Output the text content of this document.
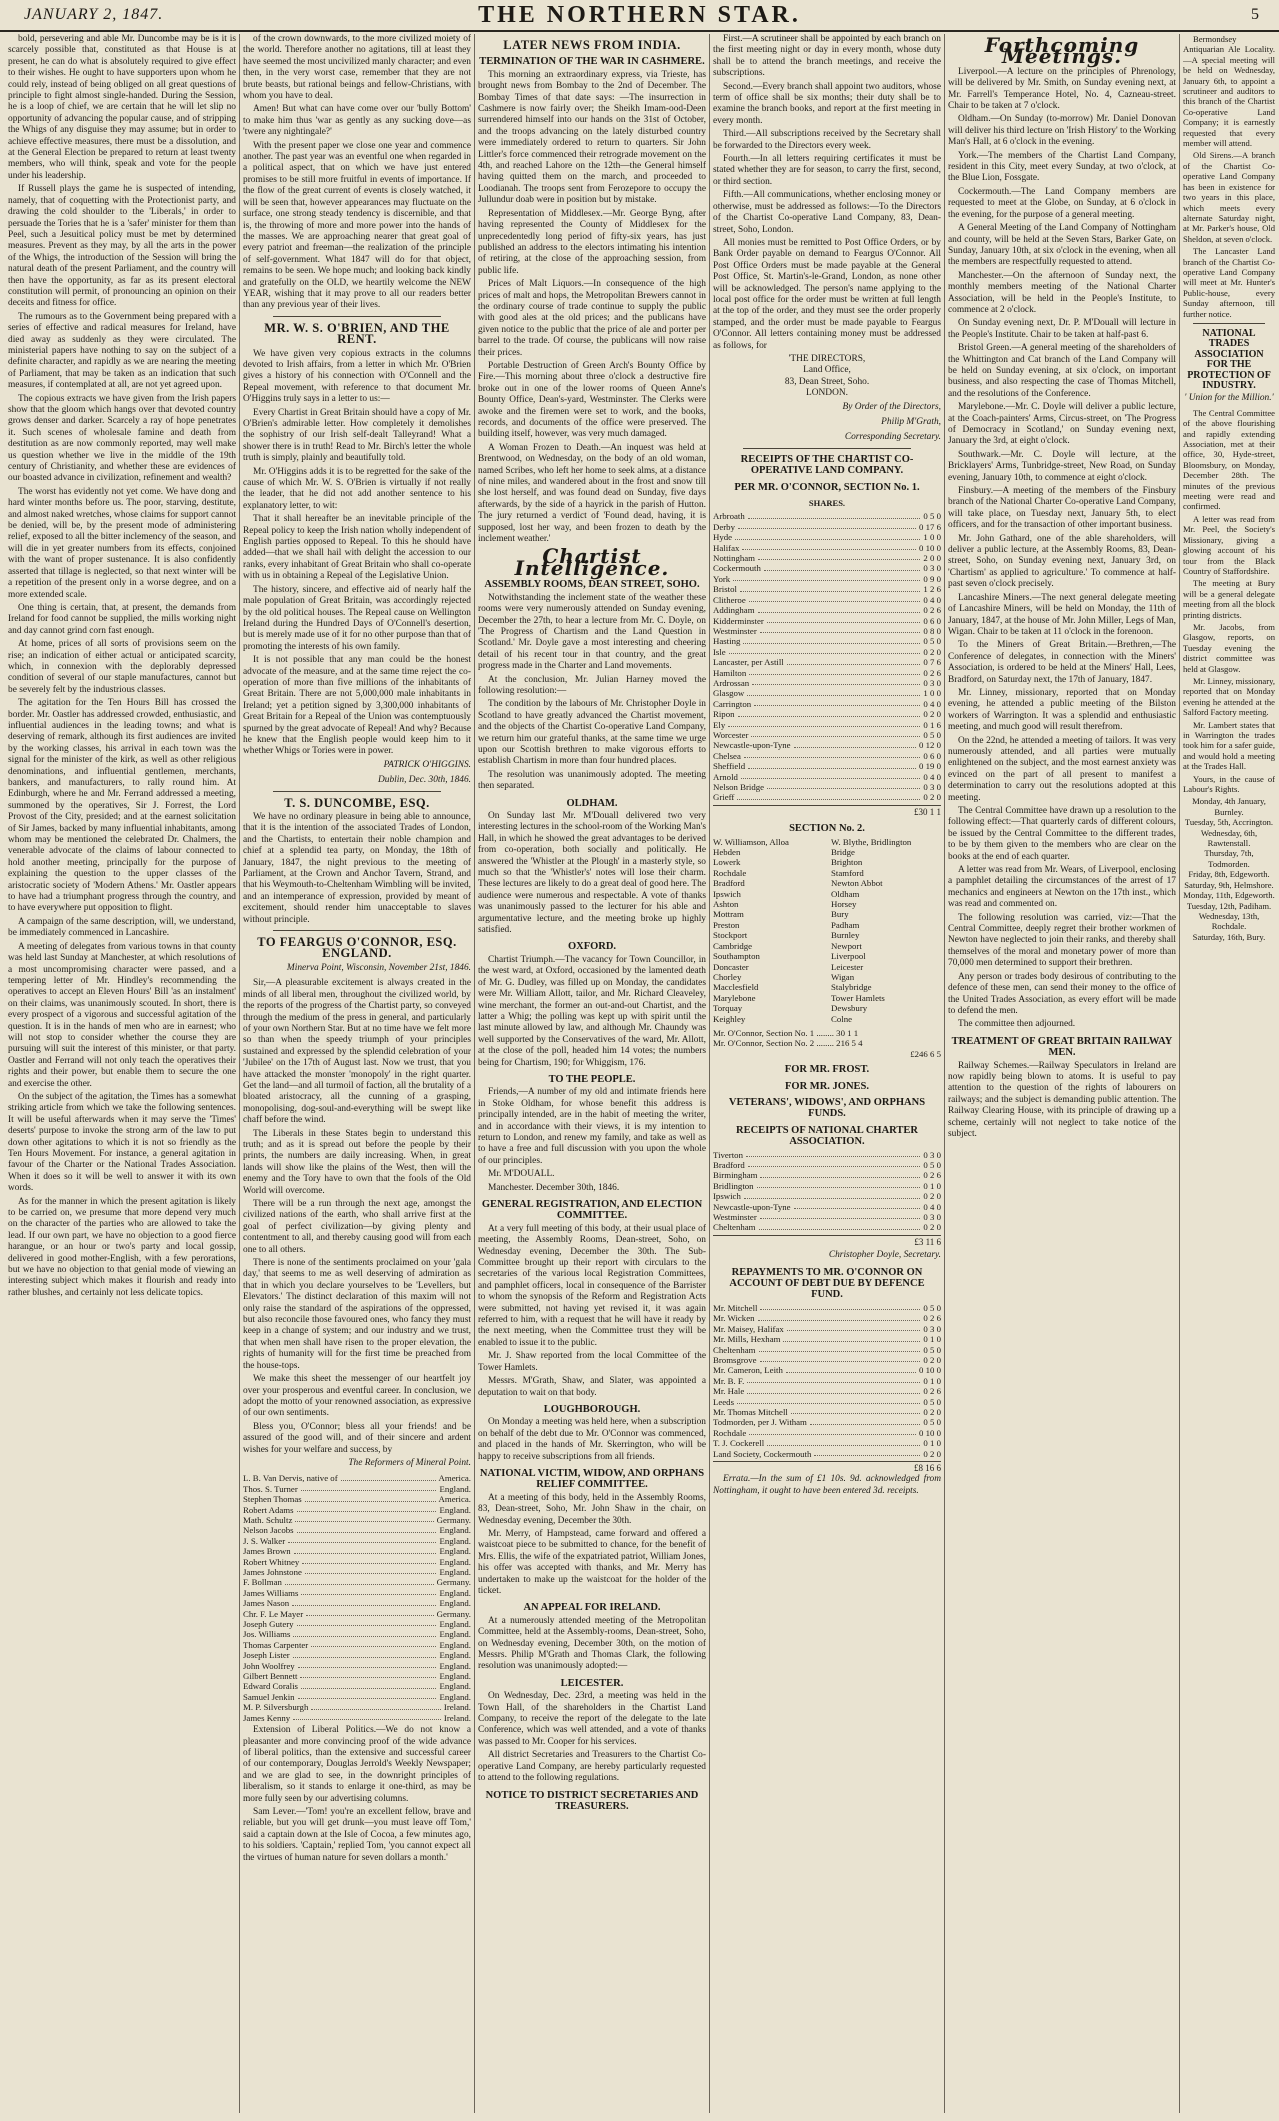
JANUARY 2, 1847.	THE NORTHERN STAR.	5

bold, persevering and able Mr. Duncombe may be is it is scarcely possible that, constituted as that House is at present, he can do what is absolutely required to give effect to their wishes. He ought to have supporters upon whom he could rely, instead of being obliged on all great questions of principle to fight almost single-handed. During the Session, he is a loop of chief, we are certain that he will let slip no opportunity of advancing the popular cause, and of stripping the Whigs of any disguise they may assume; but in order to achieve effective measures, there must be a dissolution, and at the General Election be prepared to return at least twenty members, who will think, speak and vote for the people under his leadership.

If Russell plays the game he is suspected of intending, namely, that of coquetting with the Protectionist party, and drawing the cold shoulder to the 'Liberals,' in order to persuade the Tories that he is a 'safer' minister for them than Peel, such a Jesuitical policy must be met by determined measures. Prevent as they may, by all the arts in the power of the Whigs, the introduction of the Session will bring the natural death of the present Parliament, and the country will then have the opportunity, as far as its present electoral constitution will permit, of pronouncing an opinion on their deceits and fitness for office.

The rumours as to the Government being prepared with a series of effective and radical measures for Ireland, have died away as suddenly as they were circulated. The ministerial papers have nothing to say on the subject of a definite character, and rapidly as we are nearing the meeting of Parliament, that may be taken as an indication that such measures, if contemplated at all, are not yet agreed upon.

The copious extracts we have given from the Irish papers show that the gloom which hangs over that devoted country grows denser and darker. Scarcely a ray of hope penetrates it. Such scenes of wholesale famine and death from destitution as are now commonly reported, may well make us question whether we live in the middle of the 19th century of Christianity, and whether these are evidences of our boasted advance in civilization, refinement and wealth?

The worst has evidently not yet come. We have dong and hard winter months before us. The poor, starving, destitute, and almost naked wretches, whose claims for support cannot be denied, will be, by the present mode of administering relief, exposed to all the bitter inclemency of the season, and will die in yet greater numbers from its effects, conjoined with the want of proper sustenance. It is also confidently asserted that tillage is neglected, so that next winter will be a repetition of the present only in a worse degree, and on a more extended scale.

One thing is certain, that, at present, the demands from Ireland for food cannot be supplied, the mills working night and day cannot grind corn fast enough.

At home, prices of all sorts of provisions seem on the rise; an indication of either actual or anticipated scarcity, which, in connexion with the deplorably depressed condition of several of our staple manufactures, cannot but be severely felt by the industrious classes.

The agitation for the Ten Hours Bill has crossed the border. Mr. Oastler has addressed crowded, enthusiastic, and influential audiences in the leading towns; and what is deserving of remark, although its first audiences are invited by the working classes, his arrival in each town was the signal for the minister of the kirk, as well as other religious denominations, and influential gentlemen, merchants, bankers, and manufacturers, to rally round him. At Edinburgh, where he and Mr. Ferrand addressed a meeting, summoned by the operatives, Sir J. Forrest, the Lord Provost of the City, presided; and at the earnest solicitation of Sir James, backed by many influential inhabitants, among whom may be mentioned the celebrated Dr. Chalmers, the venerable advocate of the claims of labour connected to hold another meeting, principally for the purpose of explaining the question to the upper classes of the aristocratic society of 'Modern Athens.' Mr. Oastler appears to have had a triumphant progress through the country, and to have everywhere put opposition to flight.

A campaign of the same description, will, we understand, be immediately commenced in Lancashire.

A meeting of delegates from various towns in that county was held last Sunday at Manchester, at which resolutions of a most uncompromising character were passed, and a tempering letter of Mr. Hindley's recommending the operatives to accept an Eleven Hours' Bill 'as an instalment' on their claims, was unanimously scouted. In short, there is every prospect of a vigorous and successful agitation of the question. It is in the hands of men who are in earnest; who will not stop to consider whether the course they are pursuing will suit the interest of this minister, or that party. Oastler and Ferrand will not only teach the operatives their rights and their power, but enable them to secure the one and exercise the other.

On the subject of the agitation, the Times has a somewhat striking article from which we take the following sentences. It will be useful afterwards when it may serve the 'Times' deserts' purpose to invoke the strong arm of the law to put down other agitations to which it is not so friendly as the Ten Hours Movement. For instance, a general agitation in favour of the Charter or the National Trades Association. When it does so it will be well to answer it with its own words.

As for the manner in which the present agitation is likely to be carried on, we presume that more depend very much on the character of the parties who are allowed to take the lead. If our own part, we have no objection to a good fierce harangue, or an hour or two's party and local gossip, delivered in good mother-English, with a few perorations, but we have no objection to that genial mode of viewing an interesting subject which makes it flourish and ready into rather blushes, and certainly not less delicate topics.

of the crown downwards, to the more civilized moiety of the world. Therefore another no agitations, till at least they have seemed the most uncivilized manly character; and even then, in the very worst case, remember that they are not brute beasts, but rational beings and fellow-Christians, with whom you have to deal.

Amen! But what can have come over our 'bully Bottom' to make him thus 'war as gently as any sucking dove—as 'twere any nightingale?'

With the present paper we close one year and commence another. The past year was an eventful one when regarded in a political aspect, that on which we have just entered promises to be still more fruitful in events of importance. If the flow of the great current of events is closely watched, it will be seen that, however appearances may fluctuate on the surface, one strong steady tendency is discernible, and that is, the throwing of more and more power into the hands of the masses. We are approaching nearer that great goal of every patriot and freeman—the realization of the principle of self-government. What 1847 will do for that object, remains to be seen. We hope much; and looking back kindly and gratefully on the OLD, we heartily welcome the NEW YEAR, wishing that it may prove to all our readers better than any previous year of their lives.

MR. W. S. O'BRIEN, AND THE RENT.

We have given very copious extracts in the columns devoted to Irish affairs, from a letter in which Mr. O'Brien gives a history of his connection with O'Connell and the Repeal movement, with reference to that document Mr. O'Higgins truly says in a letter to us:—

Every Chartist in Great Britain should have a copy of Mr. O'Brien's admirable letter. How completely it demolishes the sophistry of our Irish self-dealt Talleyrand! What a shower there is in truth! Read to Mr. Birch's letter the whole truth is simply, plainly and beautifully told.

Mr. O'Higgins adds it is to be regretted for the sake of the cause of which Mr. W. S. O'Brien is virtually if not really the leader, that he did not add another sentence to his explanatory letter, to wit:

That it shall hereafter be an inevitable principle of the Repeal policy to keep the Irish nation wholly independent of English parties opposed to Repeal. To this he should have added—that we shall hail with delight the accession to our ranks, every inhabitant of Great Britain who shall co-operate with us in obtaining a Repeal of the Legislative Union.

The history, sincere, and effective aid of nearly half the male population of Great Britain, was accordingly rejected by the old political houses. The Repeal cause on Wellington Ireland during the Hundred Days of O'Connell's desertion, but is merely made use of it for no other purpose than that of promoting the interests of his own family.

It is not possible that any man could be the honest advocate of the measure, and at the same time reject the co-operation of more than five millions of the inhabitants of Great Britain. There are not 5,000,000 male inhabitants in Ireland; yet a petition signed by 3,300,000 inhabitants of Great Britain for a Repeal of the Union was contemptuously spurned by the great advocate of Repeal! And why? Because he knew that the English people would keep him to it whether Whigs or Tories were in power.

PATRICK O'HIGGINS.
Dublin, Dec. 30th, 1846.
T. S. DUNCOMBE, ESQ.

We have no ordinary pleasure in being able to announce, that it is the intention of the associated Trades of London, and the Chartists, to entertain their noble champion and chief at a splendid tea party, on Monday, the 18th of January, 1847, the night previous to the meeting of Parliament, at the Crown and Anchor Tavern, Strand, and that his Weymouth-to-Cheltenham Wimbling will be invited, and an intemperance of expression, provided by meant of excitement, should render him unacceptable to slaves without principle.

TO FEARGUS O'CONNOR, ESQ. ENGLAND.
Minerva Point, Wisconsin, November 21st, 1846.

Sir,—A pleasurable excitement is always created in the minds of all liberal men, throughout the civilized world, by the reports of the progress of the Chartist party, so conveyed through the medium of the press in general, and particularly of your own Northern Star. But at no time have we felt more so than when the speedy triumph of your principles sustained and expressed by the splendid celebration of your 'Jubilee' on the 17th of August last. Now we trust, that you have attacked the monster 'monopoly' in the right quarter. Get the land—and all turmoil of faction, all the brutality of a bloated aristocracy, all the cunning of a grasping, monopolising, dog-soul-and-everything will be swept like chaff before the wind.

The Liberals in these States begin to understand this truth; and as it is spread out before the people by their prints, the numbers are daily increasing. When, in great lands will show like the plains of the West, then will the enemy and the Tory have to own that the fools of the Old World will overcome.

There will be a run through the next age, amongst the civilized nations of the earth, who shall arrive first at the goal of perfect civilization—by giving plenty and contentment to all, and thereby causing good will from each one to all others.

There is none of the sentiments proclaimed on your 'gala day,' that seems to me as well deserving of admiration as that in which you declare yourselves to be 'Levellers, but Elevators.' The distinct declaration of this maxim will not only raise the standard of the aspirations of the oppressed, but also reconcile those favoured ones, who fancy they must keep in a change of system; and our industry and we trust, that when men shall have risen to the proper elevation, the rights of humanity will for the first time be preached from the house-tops.

We make this sheet the messenger of our heartfelt joy over your prosperous and eventful career. In conclusion, we adopt the motto of your renowned association, as expressive of our own sentiments.

Bless you, O'Connor; bless all your friends! and be assured of the good will, and of their sincere and ardent wishes for your welfare and success, by

The Reformers of Mineral Point.
L. B. Van Dervis, native of	America.
Thos. S. Turner	England.
Stephen Thomas	America.
Robert Adams	England.
Math. Schultz	Germany.
Nelson Jacobs	England.
J. S. Walker	England.
James Brown	England.
Robert Whitney	England.
James Johnstone	England.
F. Bollman	Germany.
James Williams	England.
James Nason	England.
Chr. F. Le Mayer	Germany.
Joseph Gutery	England.
Jos. Williams	England.
Thomas Carpenter	England.
Joseph Lister	England.
John Woolfrey	England.
Gilbert Bennett	England.
Edward Coralis	England.
Samuel Jenkin	England.
M. P. Silversburgh	Ireland.
James Kenny	Ireland.

Extension of Liberal Politics.—We do not know a pleasanter and more convincing proof of the wide advance of liberal politics, than the extensive and successful career of our contemporary, Douglas Jerrold's Weekly Newspaper; and we are glad to see, in the downright principles of liberalism, so it stands to enlarge it one-third, as may be more fully seen by our advertising columns.

Sam Lever.—'Tom! you're an excellent fellow, brave and reliable, but you will get drunk—you must leave off Tom,' said a captain down at the Isle of Cocoa, a few minutes ago, to his soldiers. 'Captain,' replied Tom, 'you cannot expect all the virtues of human nature for seven dollars a month.'

LATER NEWS FROM INDIA.
TERMINATION OF THE WAR IN CASHMERE.

This morning an extraordinary express, via Trieste, has brought news from Bombay to the 2nd of December. The Bombay Times of that date says: —The insurrection in Cashmere is now fairly over; the Sheikh Imam-ood-Deen surrendered himself into our hands on the 31st of October, and the troops advancing on the lately disturbed country were immediately ordered to return to quarters. Sir John Littler's force commenced their retrograde movement on the 4th, and reached Lahore on the 12th—the General himself having quitted them on the march, and proceeded to Loodianah. The troops sent from Ferozepore to occupy the Jullundur doab were in position but by mistake.

Representation of Middlesex.—Mr. George Byng, after having represented the County of Middlesex for the unprecedentedly long period of fifty-six years, has just published an address to the electors intimating his intention of retiring, at the close of the approaching session, from public life.

Prices of Malt Liquors.—In consequence of the high prices of malt and hops, the Metropolitan Brewers cannot in the ordinary course of trade continue to supply the public with good ales at the old prices; and the publicans have given notice to the public that the price of ale and porter per barrel to the trade. Of course, the publicans will now raise their prices.

Portable Destruction of Green Arch's Bounty Office by Fire.—This morning about three o'clock a destructive fire broke out in one of the lower rooms of Queen Anne's Bounty Office, Dean's-yard, Westminster. The Clerks were awoke and the firemen were set to work, and the books, records, and documents of the office were preserved. The building itself, however, was very much damaged.

A Woman Frozen to Death.—An inquest was held at Brentwood, on Wednesday, on the body of an old woman, named Scribes, who left her home to seek alms, at a distance of nine miles, and wandered about in the frost and snow till she lost herself, and was found dead on Sunday, five days afterwards, by the side of a hayrick in the parish of Hutton. The jury returned a verdict of 'Found dead, having, it is supposed, lost her way, and been frozen to death by the inclement weather.'

Chartist Intelligence.
ASSEMBLY ROOMS, DEAN STREET, SOHO.

Notwithstanding the inclement state of the weather these rooms were very numerously attended on Sunday evening, December the 27th, to hear a lecture from Mr. C. Doyle, on 'The Progress of Chartism and the Land Question in Scotland.' Mr. Doyle gave a most interesting and cheering detail of his recent tour in that country, and the great progress made in the Charter and Land movements.

At the conclusion, Mr. Julian Harney moved the following resolution:—

The condition by the labours of Mr. Christopher Doyle in Scotland to have greatly advanced the Chartist movement, and the objects of the Chartist Co-operative Land Company, we return him our grateful thanks, at the same time we urge upon our Scottish brethren to make vigorous efforts to establish Chartism in more than four hundred places.

The resolution was unanimously adopted. The meeting then separated.

OLDHAM.

On Sunday last Mr. M'Douall delivered two very interesting lectures in the school-room of the Working Man's Hall, in which he showed the great advantages to be derived from co-operation, both socially and politically. He answered the 'Whistler at the Plough' in a masterly style, so much so that the 'Whistler's' notes will lose their charm. These lectures are likely to do a great deal of good here. The audience were numerous and respectable. A vote of thanks was unanimously passed to the lecturer for his able and argumentative lecture, and the meeting broke up highly satisfied.

OXFORD.

Chartist Triumph.—The vacancy for Town Councillor, in the west ward, at Oxford, occasioned by the lamented death of Mr. G. Dudley, was filled up on Monday, the candidates were Mr. William Allott, tailor, and Mr. Richard Cleaveley, wine merchant, the former an out-and-out Chartist, and the latter a Whig; the polling was kept up with spirit until the last minute allowed by law, and although Mr. Chaundy was well supported by the Conservatives of the ward, Mr. Allott, at the close of the poll, headed him 14 votes; the numbers being for Chartism, 190; for Whiggism, 176.

TO THE PEOPLE.

Friends,—A number of my old and intimate friends here in Stoke Oldham, for whose benefit this address is principally intended, are in the habit of meeting the writer, and in accordance with their views, it is my intention to return to London, and renew my family, and take as well as to have a free and full discussion with you upon the whole of our principles.

Mr. M'DOUALL.

Manchester. December 30th, 1846.

GENERAL REGISTRATION, AND ELECTION COMMITTEE.

At a very full meeting of this body, at their usual place of meeting, the Assembly Rooms, Dean-street, Soho, on Wednesday evening, December the 30th. The Sub-Committee brought up their report with circulars to the secretaries of the various local Registration Committees, and pamphlet officers, local in consequence of the Barrister to whom the synopsis of the Reform and Registration Acts were submitted, not having yet revised it, it was again referred to him, with a request that he will have it ready by the next meeting, when the Committee trust they will be enabled to issue it to the public.

Mr. J. Shaw reported from the local Committee of the Tower Hamlets.

Messrs. M'Grath, Shaw, and Slater, was appointed a deputation to wait on that body.

LOUGHBOROUGH.

On Monday a meeting was held here, when a subscription on behalf of the debt due to Mr. O'Connor was commenced, and placed in the hands of Mr. Skerrington, who will be happy to receive subscriptions from all friends.

NATIONAL VICTIM, WIDOW, AND ORPHANS RELIEF COMMITTEE.

At a meeting of this body, held in the Assembly Rooms, 83, Dean-street, Soho, Mr. John Shaw in the chair, on Wednesday evening, December the 30th.

Mr. Merry, of Hampstead, came forward and offered a waistcoat piece to be submitted to chance, for the benefit of Mrs. Ellis, the wife of the expatriated patriot, William Jones, his offer was accepted with thanks, and Mr. Merry has undertaken to make up the waistcoat for the holder of the ticket.

AN APPEAL FOR IRELAND.

At a numerously attended meeting of the Metropolitan Committee, held at the Assembly-rooms, Dean-street, Soho, on Wednesday evening, December 30th, on the motion of Messrs. Philip M'Grath and Thomas Clark, the following resolution was unanimously adopted:—

LEICESTER.

On Wednesday, Dec. 23rd, a meeting was held in the Town Hall, of the shareholders in the Chartist Land Company, to receive the report of the delegate to the late Conference, which was well attended, and a vote of thanks was passed to Mr. Cooper for his services.

All district Secretaries and Treasurers to the Chartist Co-operative Land Company, are hereby particularly requested to attend to the following regulations.

NOTICE TO DISTRICT SECRETARIES AND TREASURERS.

First.—A scrutineer shall be appointed by each branch on the first meeting night or day in every month, whose duty shall be to attend the branch meetings, and receive the subscriptions.

Second.—Every branch shall appoint two auditors, whose term of office shall be six months; their duty shall be to examine the branch books, and report at the first meeting in every month.

Third.—All subscriptions received by the Secretary shall be forwarded to the Directors every week.

Fourth.—In all letters requiring certificates it must be stated whether they are for season, to carry the first, second, or third section.

Fifth.—All communications, whether enclosing money or otherwise, must be addressed as follows:—To the Directors of the Chartist Co-operative Land Company, 83, Dean-street, Soho, London.

All monies must be remitted to Post Office Orders, or by Bank Order payable on demand to Feargus O'Connor. All Post Office Orders must be made payable at the General Post Office, St. Martin's-le-Grand, London, as none other will be acknowledged. The person's name applying to the local post office for the order must be written at full length at the top of the order, and they must see the order properly stamped, and the order must be made payable to Feargus O'Connor. All letters containing money must be addressed as follows, for

'THE DIRECTORS,
Land Office,
83, Dean Street, Soho.
LONDON.
By Order of the Directors,
Philip M'Grath,
Corresponding Secretary.
RECEIPTS OF THE CHARTIST CO-OPERATIVE LAND COMPANY.
PER MR. O'CONNOR, SECTION No. 1.
SHARES.
Arbroath	0 5 0
Derby	0 17 6
Hyde	1 0 0
Halifax	0 10 0
Nottingham	2 0 0
Cockermouth	0 3 0
York	0 9 0
Bristol	1 2 6
Clitheroe	0 4 0
Addingham	0 2 6
Kidderminster	0 6 0
Westminster	0 8 0
Hasting	0 5 0
Isle	0 2 0
Lancaster, per Astill	0 7 6
Hamilton	0 2 6
Ardrossan	0 3 0
Glasgow	1 0 0
Carrington	0 4 0
Ripon	0 2 0
Ely	0 1 6
Worcester	0 5 0
Newcastle-upon-Tyne	0 12 0
Chelsea	0 6 0
Sheffield	0 19 0
Arnold	0 4 0
Nelson Bridge	0 3 0
Grieff	0 2 0
£30 1 1
SECTION No. 2.
W. Williamson, Alloa	W. Blythe, Bridlington
Hebden	Bridge
Lowerk	Brighton
Rochdale	Stamford
Bradford	Newton Abbot
Ipswich	Oldham
Ashton	Horsey
Mottram	Bury
Preston	Padham
Stockport	Burnley
Cambridge	Newport
Southampton	Liverpool
Doncaster	Leicester
Chorley	Wigan
Macclesfield	Stalybridge
Marylebone	Tower Hamlets
Torquay	Dewsbury
Keighley	Colne
Mr. O'Connor, Section No. 1 ........ 30 1 1
Mr. O'Connor, Section No. 2 ........ 216 5 4
£246 6 5
FOR MR. FROST.
FOR MR. JONES.
VETERANS', WIDOWS', AND ORPHANS FUNDS.
RECEIPTS OF NATIONAL CHARTER ASSOCIATION.
Tiverton	0 3 0
Bradford	0 5 0
Birmingham	0 2 6
Bridlington	0 1 0
Ipswich	0 2 0
Newcastle-upon-Tyne	0 4 0
Westminster	0 3 0
Cheltenham	0 2 0
£3 11 6
Christopher Doyle, Secretary.
REPAYMENTS TO MR. O'CONNOR ON ACCOUNT OF DEBT DUE BY DEFENCE FUND.
Mr. Mitchell	0 5 0
Mr. Wicken	0 2 6
Mr. Maisey, Halifax	0 3 0
Mr. Mills, Hexham	0 1 0
Cheltenham	0 5 0
Bromsgrove	0 2 0
Mr. Cameron, Leith	0 10 0
Mr. B. F.	0 1 0
Mr. Hale	0 2 6
Leeds	0 5 0
Mr. Thomas Mitchell	0 2 0
Todmorden, per J. Witham	0 5 0
Rochdale	0 10 0
T. J. Cockerell	0 1 0
Land Society, Cockermouth	0 2 0
£8 16 6

Errata.—In the sum of £1 10s. 9d. acknowledged from Nottingham, it ought to have been entered 3d. receipts.

Forthcoming Meetings.

Liverpool.—A lecture on the principles of Phrenology, will be delivered by Mr. Smith, on Sunday evening next, at Mr. Farrell's Temperance Hotel, No. 4, Cazneau-street. Chair to be taken at 7 o'clock.

Oldham.—On Sunday (to-morrow) Mr. Daniel Donovan will deliver his third lecture on 'Irish History' to the Working Man's Hall, at 6 o'clock in the evening.

York.—The members of the Chartist Land Company, resident in this City, meet every Sunday, at two o'clock, at the Blue Lion, Fossgate.

Cockermouth.—The Land Company members are requested to meet at the Globe, on Sunday, at 6 o'clock in the evening, for the purpose of a general meeting.

A General Meeting of the Land Company of Nottingham and county, will be held at the Seven Stars, Barker Gate, on Sunday, January 10th, at six o'clock in the evening, when all the members are respectfully requested to attend.

Manchester.—On the afternoon of Sunday next, the monthly members meeting of the National Charter Association, will be held in the People's Institute, to commence at 2 o'clock.

On Sunday evening next, Dr. P. M'Douall will lecture in the People's Institute. Chair to be taken at half-past 6.

Bristol Green.—A general meeting of the shareholders of the Whittington and Cat branch of the Land Company will be held on Sunday evening, at six o'clock, on important business, and also respecting the case of Thomas Mitchell, and the resolutions of the Conference.

Marylebone.—Mr. C. Doyle will deliver a public lecture, at the Coach-painters' Arms, Circus-street, on 'The Progress of Democracy in Scotland,' on Sunday evening next, January the 3rd, at eight o'clock.

Southwark.—Mr. C. Doyle will lecture, at the Bricklayers' Arms, Tunbridge-street, New Road, on Sunday evening, January 10th, to commence at eight o'clock.

Finsbury.—A meeting of the members of the Finsbury branch of the National Charter Co-operative Land Company, will take place, on Tuesday next, January 5th, to elect officers, and for the transaction of other important business.

Mr. John Gathard, one of the able shareholders, will deliver a public lecture, at the Assembly Rooms, 83, Dean-street, Soho, on Sunday evening next, January 3rd, on 'Chartism' as applied to agriculture.' To commence at half-past seven o'clock precisely.

Lancashire Miners.—The next general delegate meeting of Lancashire Miners, will be held on Monday, the 11th of January, 1847, at the house of Mr. John Miller, Legs of Man, Wigan. Chair to be taken at 11 o'clock in the forenoon.

To the Miners of Great Britain.—Brethren,—The Conference of delegates, in connection with the Miners' Association, is ordered to be held at the Miners' Hall, Lees, Bradford, on Saturday next, the 17th of January, 1847.

Mr. Linney, missionary, reported that on Monday evening, he attended a public meeting of the Bilston workers of Warrington. It was a splendid and enthusiastic meeting, and much good will result therefrom.

On the 22nd, he attended a meeting of tailors. It was very numerously attended, and all parties were mutually enlightened on the subject, and the most earnest anxiety was evinced on the part of all present to manifest a determination to carry out the resolutions adopted at this meeting.

The Central Committee have drawn up a resolution to the following effect:—That quarterly cards of different colours, be issued by the Central Committee to the different trades, to be by them given to the members who are clear on the books at the end of each quarter.

A letter was read from Mr. Wears, of Liverpool, enclosing a pamphlet detailing the circumstances of the arrest of 17 mechanics and engineers at Newton on the 17th inst., which was read and commented on.

The following resolution was carried, viz:—That the Central Committee, deeply regret their brother workmen of Newton have neglected to join their ranks, and thereby shall themselves of the moral and monetary power of more than 70,000 men determined to support their brethren.

Any person or trades body desirous of contributing to the defence of these men, can send their money to the office of the United Trades Association, as every effort will be made to defend the men.

The committee then adjourned.

TREATMENT OF GREAT BRITAIN RAILWAY MEN.

Railway Schemes.—Railway Speculators in Ireland are now rapidly being blown to atoms. It is useful to pay attention to the question of the rights of labourers on railways; and the subject is demanding public attention. The Railway Clearing House, with its principle of drawing up a scheme, certainly will not neglect to take notice of the subject.

Bermondsey Antiquarian Ale Locality.—A special meeting will be held on Wednesday, January 6th, to appoint a scrutineer and auditors to this branch of the Chartist Co-operative Land Company; it is earnestly requested that every member will attend.

Old Sirens.—A branch of the Chartist Co-operative Land Company has been in existence for two years in this place, which meets every alternate Saturday night, at Mr. Parker's house, Old Sheldon, at seven o'clock.

The Lancaster Land branch of the Chartist Co-operative Land Company will meet at Mr. Hunter's Public-house, every Sunday afternoon, till further notice.

NATIONAL TRADES ASSOCIATION FOR THE PROTECTION OF INDUSTRY.
' Union for the Million.'

The Central Committee of the above flourishing and rapidly extending Association, met at their office, 30, Hyde-street, Bloomsbury, on Monday, December 28th. The minutes of the previous meeting were read and confirmed.

A letter was read from Mr. Peel, the Society's Missionary, giving a glowing account of his tour from the Black Country of Staffordshire.

The meeting at Bury will be a general delegate meeting from all the block printing districts.

Mr. Jacobs, from Glasgow, reports, on Tuesday evening the district committee was held at Glasgow.

Mr. Linney, missionary, reported that on Monday evening he attended at the Salford Factory meeting.

Mr. Lambert states that in Warrington the trades took him for a safer guide, and would hold a meeting at the Trades Hall.

Yours, in the cause of Labour's Rights.

Monday, 4th January, Burnley.
Tuesday, 5th, Accrington.
Wednesday, 6th, Rawtenstall.
Thursday, 7th, Todmorden.
Friday, 8th, Edgeworth.
Saturday, 9th, Helmshore.
Monday, 11th, Edgeworth.
Tuesday, 12th, Padiham.
Wednesday, 13th, Rochdale.
Saturday, 16th, Bury.
